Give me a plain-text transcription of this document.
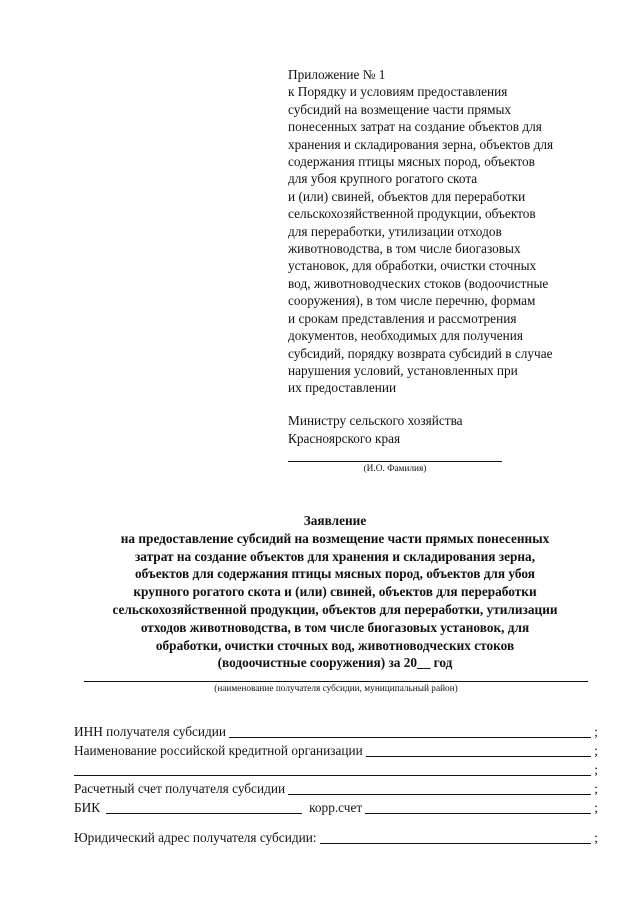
Приложение № 1
к Порядку и условиям предоставления
субсидий на возмещение части прямых
понесенных затрат на создание объектов для
хранения и складирования зерна, объектов для
содержания птицы мясных пород, объектов
для убоя крупного рогатого скота
и (или) свиней, объектов для переработки
сельскохозяйственной продукции, объектов
для переработки, утилизации отходов
животноводства, в том числе биогазовых
установок, для обработки, очистки сточных
вод, животноводческих стоков (водоочистные
сооружения), в том числе перечню, формам
и срокам представления и рассмотрения
документов, необходимых для получения
субсидий, порядку возврата субсидий в случае
нарушения условий, установленных при
их предоставлении
Министру сельского хозяйства
Красноярского края
(И.О. Фамилия)
Заявление
на предоставление субсидий на возмещение части прямых понесенных
затрат на создание объектов для хранения и складирования зерна,
объектов для содержания птицы мясных пород, объектов для убоя
крупного рогатого скота и (или) свиней, объектов для переработки
сельскохозяйственной продукции, объектов для переработки, утилизации
отходов животноводства, в том числе биогазовых установок, для
обработки, очистки сточных вод, животноводческих стоков
(водоочистные сооружения) за 20__ год
(наименование получателя субсидии, муниципальный район)
ИНН получателя субсидии	;
Наименование российской кредитной организации	;
;
Расчетный счет получателя субсидии	;
БИК	корр.счет	;
Юридический адрес получателя субсидии:	;
